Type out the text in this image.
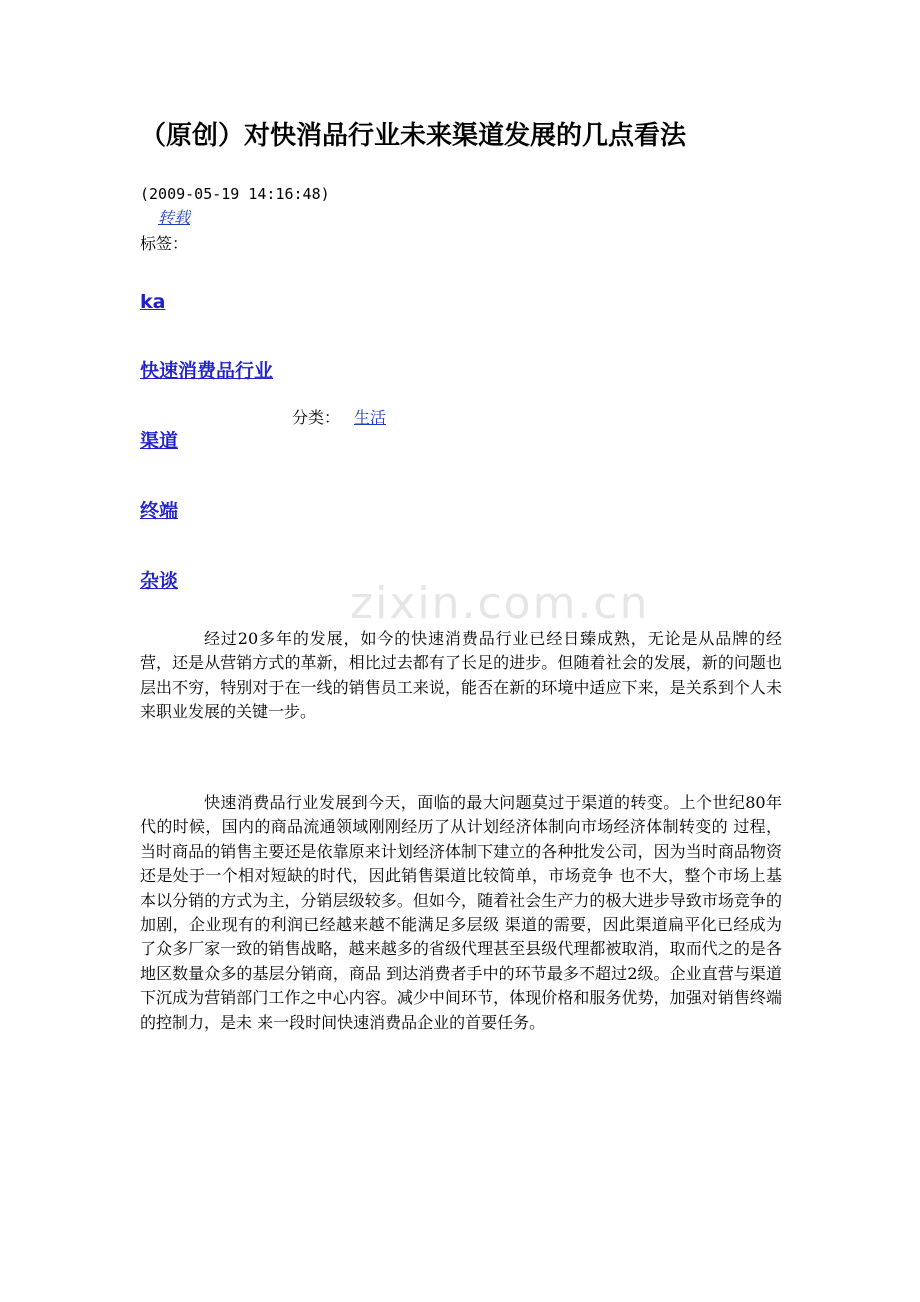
zixin.com.cn
（原创）对快消品行业未来渠道发展的几点看法
(2009-05-19 14:16:48)
转载
标签：
ka
快速消费品行业
渠道
终端
杂谈
分类： 生活

经过20多年的发展，如今的快速消费品行业已经日臻成熟，无论是从品牌的经营，还是从营销方式的革新，相比过去都有了长足的进步。但随着社会的发展，新的问题也层出不穷，特别对于在一线的销售员工来说，能否在新的环境中适应下来，是关系到个人未来职业发展的关键一步。

快速消费品行业发展到今天，面临的最大问题莫过于渠道的转变。上个世纪80年代的时候，国内的商品流通领域刚刚经历了从计划经济体制向市场经济体制转变的 过程，当时商品的销售主要还是依靠原来计划经济体制下建立的各种批发公司，因为当时商品物资还是处于一个相对短缺的时代，因此销售渠道比较简单，市场竞争 也不大，整个市场上基本以分销的方式为主，分销层级较多。但如今，随着社会生产力的极大进步导致市场竞争的加剧，企业现有的利润已经越来越不能满足多层级 渠道的需要，因此渠道扁平化已经成为了众多厂家一致的销售战略，越来越多的省级代理甚至县级代理都被取消，取而代之的是各地区数量众多的基层分销商，商品 到达消费者手中的环节最多不超过2级。企业直营与渠道下沉成为营销部门工作之中心内容。减少中间环节，体现价格和服务优势，加强对销售终端的控制力，是未 来一段时间快速消费品企业的首要任务。
